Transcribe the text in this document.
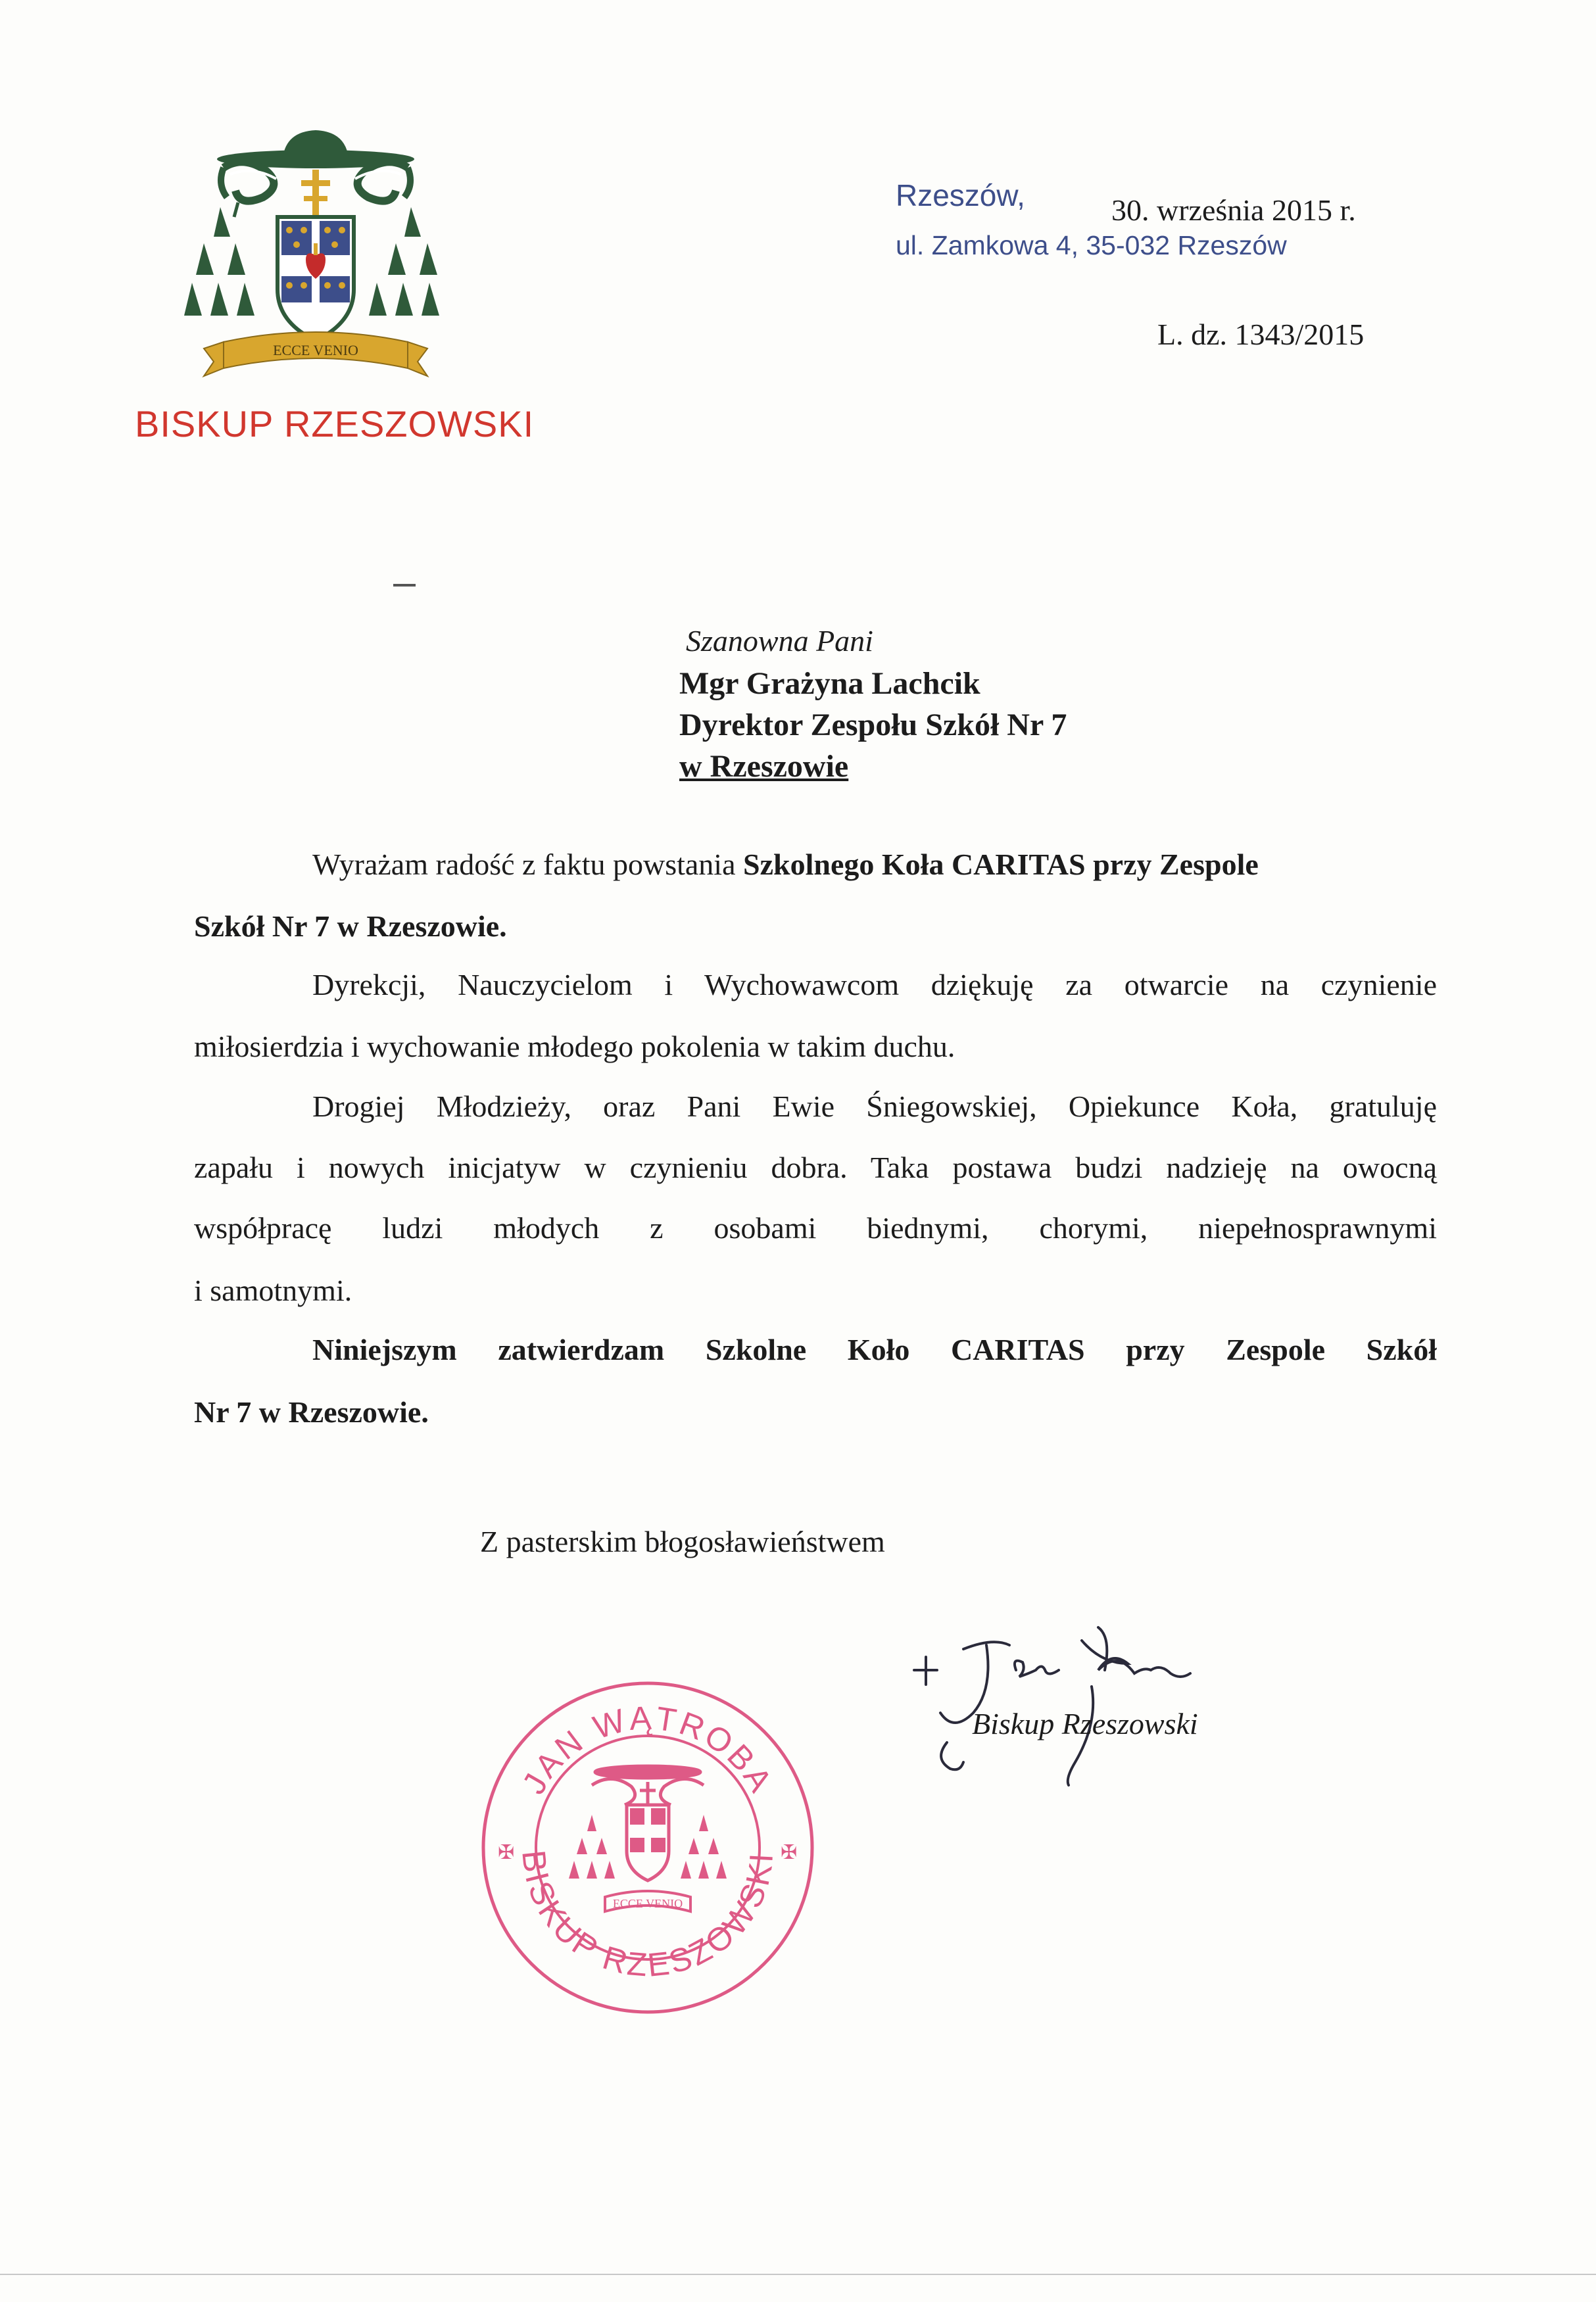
ECCE VENIO
BISKUP RZESZOWSKI
Rzeszów,
ul. Zamkowa 4, 35-032 Rzeszów
30. września 2015 r.
L. dz. 1343/2015
Szanowna Pani
Mgr Grażyna Lachcik
Dyrektor Zespołu Szkół Nr 7
w Rzeszowie
Wyrażam radość z faktu powstania Szkolnego Koła CARITAS przy Zespole
Szkół Nr 7 w Rzeszowie.
Dyrekcji, Nauczycielom i Wychowawcom dziękuję za otwarcie na czynienie
miłosierdzia i wychowanie młodego pokolenia w takim duchu.
Drogiej Młodzieży, oraz Pani Ewie Śniegowskiej, Opiekunce Koła, gratuluję
zapału i nowych inicjatyw w czynieniu dobra. Taka postawa budzi nadzieję na owocną
współpracę ludzi młodych z osobami biednymi, chorymi, niepełnosprawnymi
i samotnymi.
Niniejszym zatwierdzam Szkolne Koło CARITAS przy Zespole Szkół
Nr 7 w Rzeszowie.
Z pasterskim błogosławieństwem
JAN WĄTROBA
BISKUP RZESZOWSKI
✠	✠
ECCE VENIO
Biskup Rzeszowski
